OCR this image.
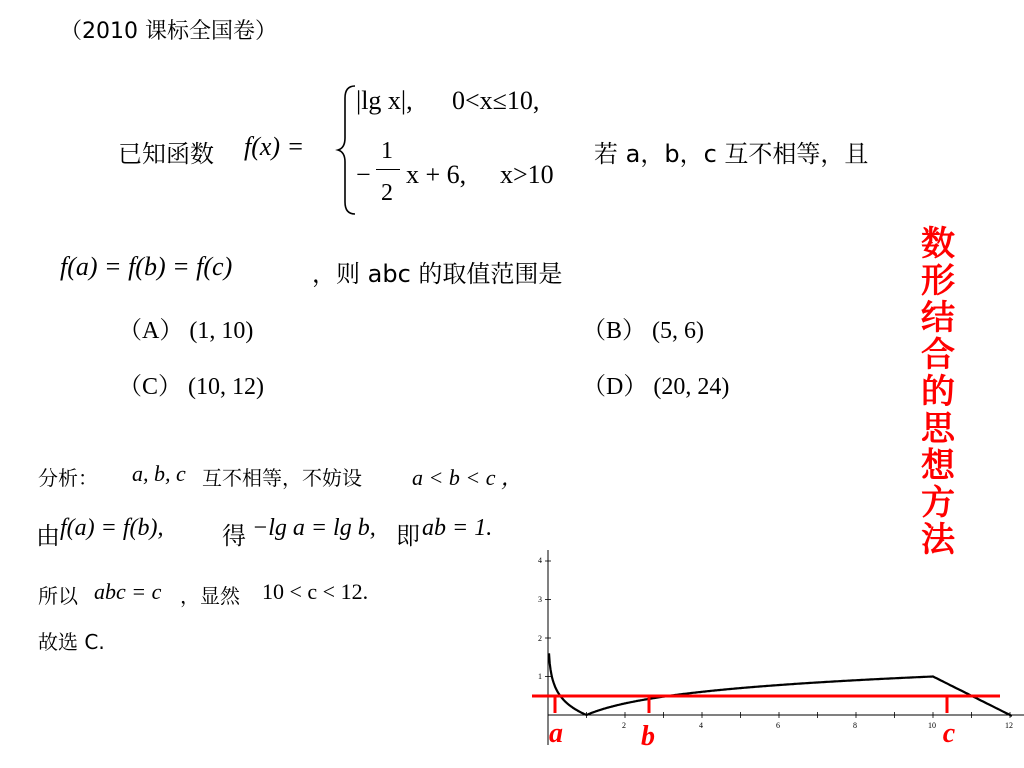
（2010 课标全国卷）
已知函数 f(x) =
|lg x|, 0<x≤10,
−
1
2
x + 6, x>10
若 a，b，c 互不相等，且
f(a) = f(b) = f(c)	，则 abc 的取值范围是
（A） (1, 10)	（B） (5, 6)
（C） (10, 12)	（D） (20, 24)
数形结合的思想方法
分析： a, b, c 互不相等，不妨设 a < b < c ，
由 f(a) = f(b), 得 −lg a = lg b, 即 ab = 1.
所以 abc = c ，显然 10 < c < 12.
故选 C.
2	4	6	8	10	12
1
2
3
4
a	b	c
